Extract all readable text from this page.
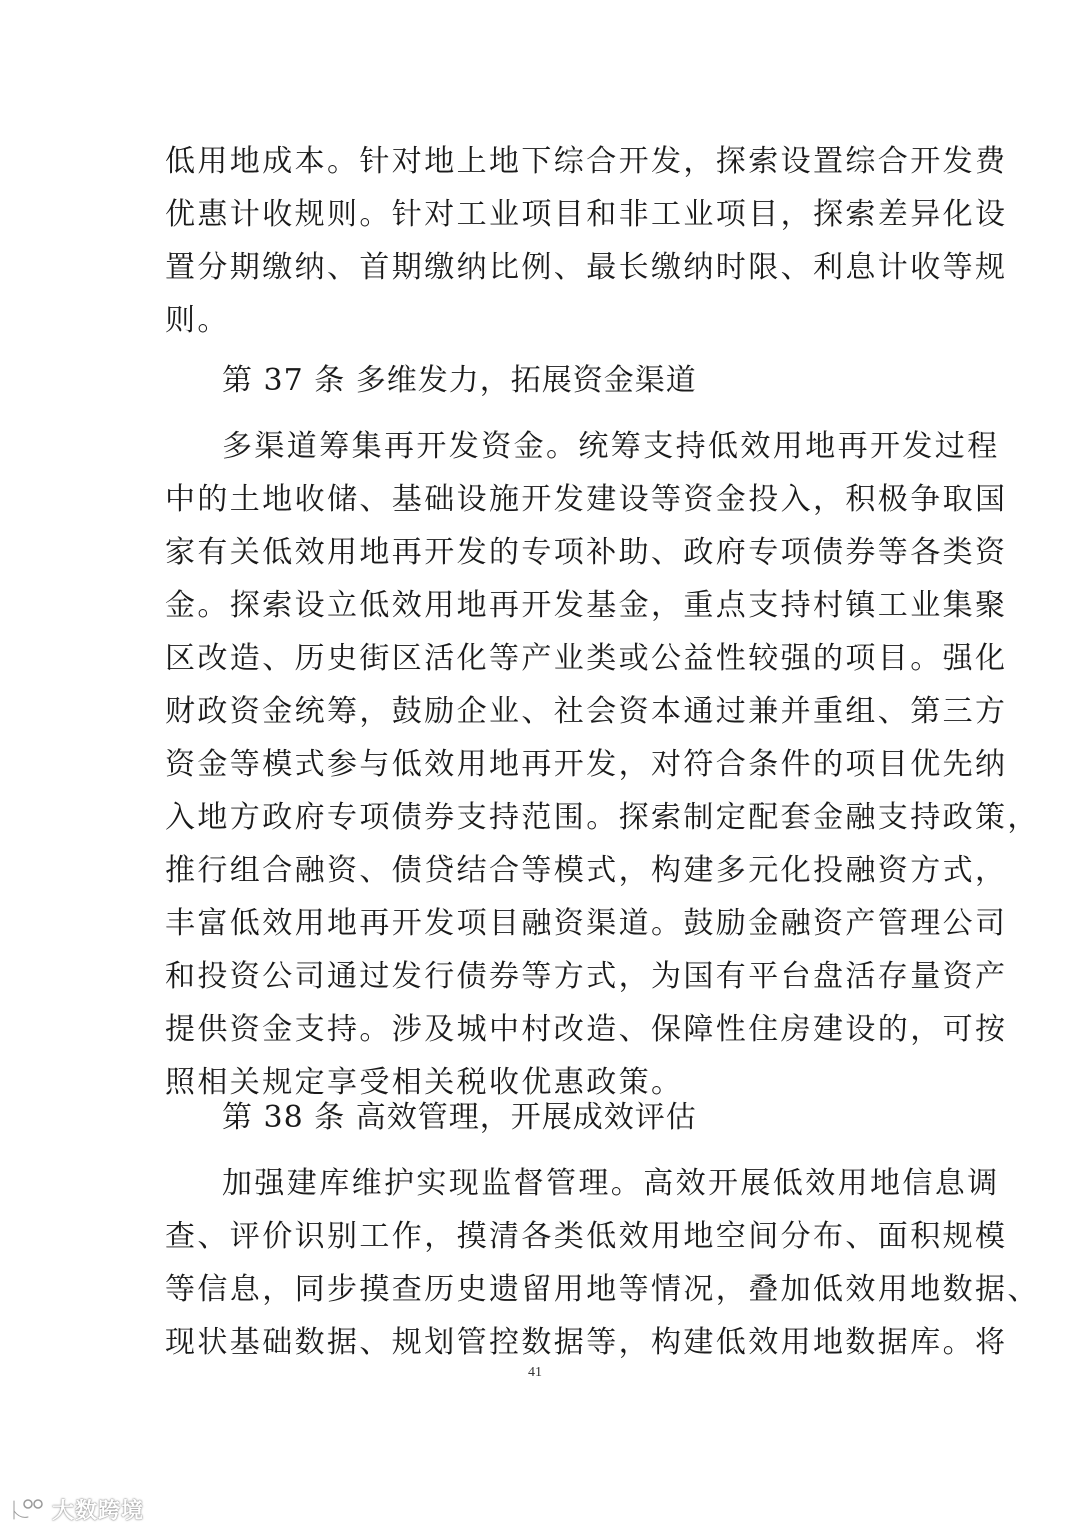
低用地成本。针对地上地下综合开发，探索设置综合开发费
优惠计收规则。针对工业项目和非工业项目，探索差异化设
置分期缴纳、首期缴纳比例、最长缴纳时限、利息计收等规
则。
第 37 条 多维发力，拓展资金渠道
多渠道筹集再开发资金。统筹支持低效用地再开发过程
中的土地收储、基础设施开发建设等资金投入，积极争取国
家有关低效用地再开发的专项补助、政府专项债券等各类资
金。探索设立低效用地再开发基金，重点支持村镇工业集聚
区改造、历史街区活化等产业类或公益性较强的项目。强化
财政资金统筹，鼓励企业、社会资本通过兼并重组、第三方
资金等模式参与低效用地再开发，对符合条件的项目优先纳
入地方政府专项债券支持范围。探索制定配套金融支持政策，
推行组合融资、债贷结合等模式，构建多元化投融资方式，
丰富低效用地再开发项目融资渠道。鼓励金融资产管理公司
和投资公司通过发行债券等方式，为国有平台盘活存量资产
提供资金支持。涉及城中村改造、保障性住房建设的，可按
照相关规定享受相关税收优惠政策。
第 38 条 高效管理，开展成效评估
加强建库维护实现监督管理。高效开展低效用地信息调
查、评价识别工作，摸清各类低效用地空间分布、面积规模
等信息，同步摸查历史遗留用地等情况，叠加低效用地数据、
现状基础数据、规划管控数据等，构建低效用地数据库。将
41
大数跨境
